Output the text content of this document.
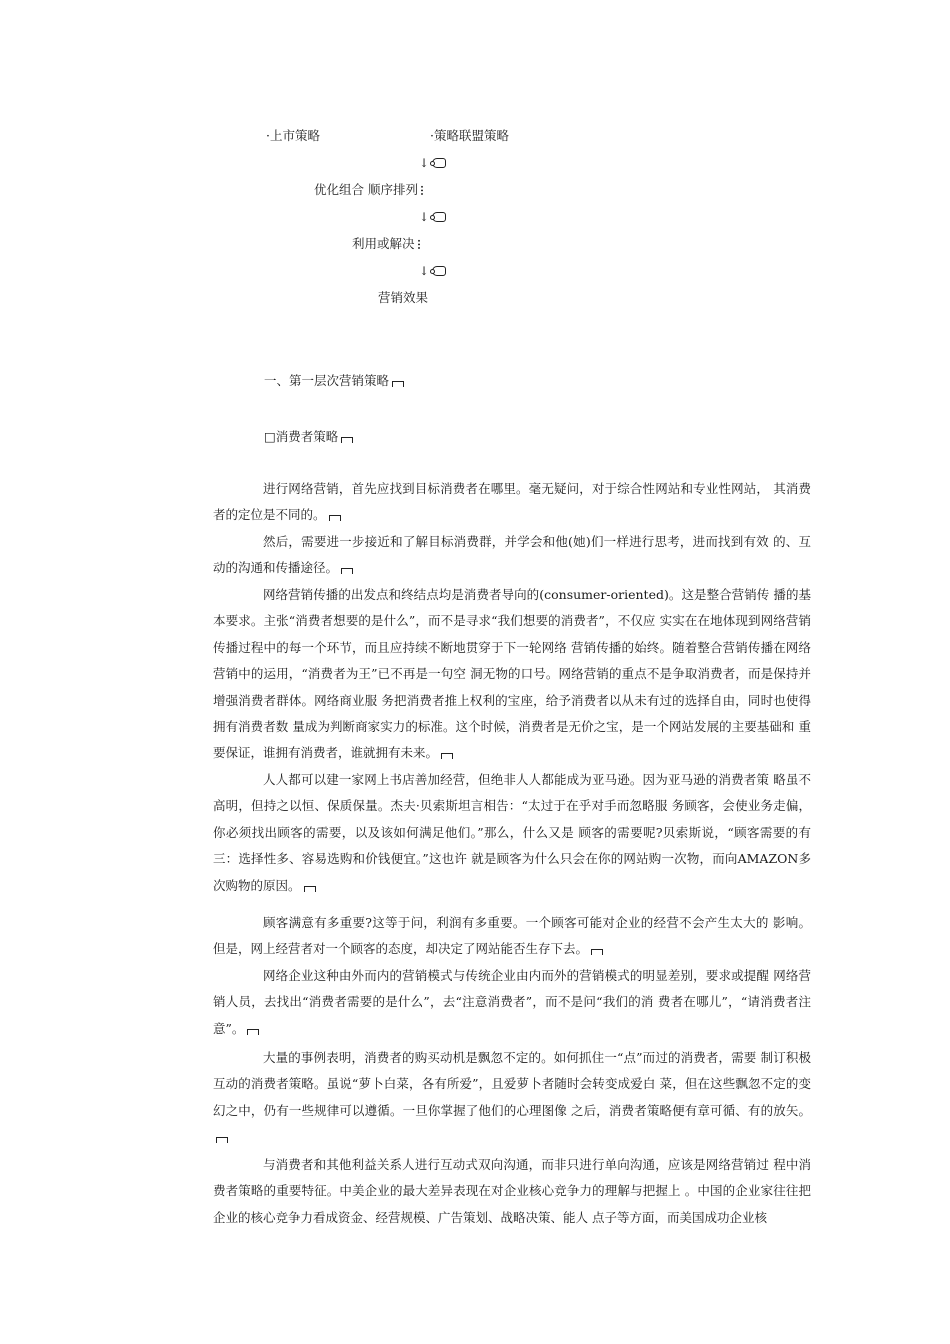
·上市策略	·策略联盟策略
↓
优化组合 顺序排列
↓
利用或解决
↓
营销效果
一、第一层次营销策略
□消费者策略

进行网络营销，首先应找到目标消费者在哪里。毫无疑问，对于综合性网站和专业性网站， 其消费者的定位是不同的。

然后，需要进一步接近和了解目标消费群，并学会和他(她)们一样进行思考，进而找到有效 的、互动的沟通和传播途径。

网络营销传播的出发点和终结点均是消费者导向的(consumer-oriented)。这是整合营销传 播的基本要求。主张“消费者想要的是什么”，而不是寻求“我们想要的消费者”，不仅应 实实在在地体现到网络营销传播过程中的每一个环节，而且应持续不断地贯穿于下一轮网络 营销传播的始终。随着整合营销传播在网络营销中的运用，“消费者为王”已不再是一句空 洞无物的口号。网络营销的重点不是争取消费者，而是保持并增强消费者群体。网络商业服 务把消费者推上权利的宝座，给予消费者以从未有过的选择自由，同时也使得拥有消费者数 量成为判断商家实力的标准。这个时候，消费者是无价之宝，是一个网站发展的主要基础和 重要保证，谁拥有消费者，谁就拥有未来。

人人都可以建一家网上书店善加经营，但绝非人人都能成为亚马逊。因为亚马逊的消费者策 略虽不高明，但持之以恒、保质保量。杰夫·贝索斯坦言相告：“太过于在乎对手而忽略服 务顾客，会使业务走偏，你必须找出顾客的需要，以及该如何满足他们。”那么，什么又是 顾客的需要呢?贝索斯说，“顾客需要的有三：选择性多、容易选购和价钱便宜。”这也许 就是顾客为什么只会在你的网站购一次物，而向AMAZON多次购物的原因。

顾客满意有多重要?这等于问，利润有多重要。一个顾客可能对企业的经营不会产生太大的 影响。但是，网上经营者对一个顾客的态度，却决定了网站能否生存下去。

网络企业这种由外而内的营销模式与传统企业由内而外的营销模式的明显差别，要求或提醒 网络营销人员，去找出“消费者需要的是什么”，去“注意消费者”，而不是问“我们的消 费者在哪儿”，“请消费者注意”。

大量的事例表明，消费者的购买动机是飘忽不定的。如何抓住一“点”而过的消费者，需要 制订积极互动的消费者策略。虽说“萝卜白菜，各有所爱”，且爱萝卜者随时会转变成爱白 菜，但在这些飘忽不定的变幻之中，仍有一些规律可以遵循。一旦你掌握了他们的心理图像 之后，消费者策略便有章可循、有的放矢。

与消费者和其他利益关系人进行互动式双向沟通，而非只进行单向沟通，应该是网络营销过 程中消费者策略的重要特征。中美企业的最大差异表现在对企业核心竞争力的理解与把握上 。中国的企业家往往把企业的核心竞争力看成资金、经营规模、广告策划、战略决策、能人 点子等方面，而美国成功企业核
